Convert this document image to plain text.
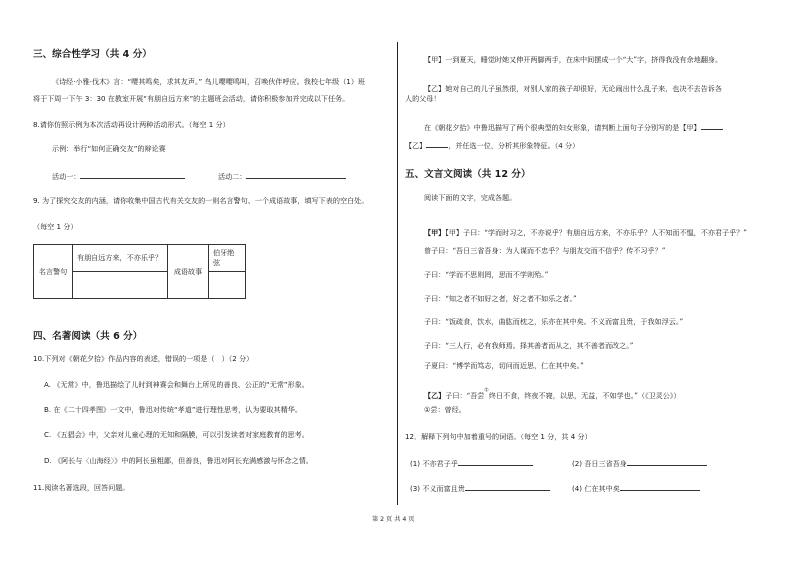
三、综合性学习（共 4 分）
《诗经·小雅·伐木》言：“嘤其鸣矣，求其友声。” 鸟儿嘤嘤鸣叫，召唤伙伴呼应。我校七年级（1）班
将于下周一下午 3：30 在教室开展“有朋自远方来”的主题班会活动，请你积极参加并完成以下任务。
8.请你仿照示例为本次活动再设计两种活动形式。（每空 1 分）
示例：举行“如何正确交友”的辩论赛
活动一：	活动二：
9. 为了探究交友的内涵，请你收集中国古代有关交友的一则名言警句、一个成语故事，填写下表的空白处。
（每空 1 分）
名言警句	有朋自远方来，不亦乐乎？	成语故事	伯牙绝弦

四、名著阅读（共 6 分）
10.下列对《朝花夕拾》作品内容的表述，错误的一项是（　）（2 分）
A. 《无常》中，鲁迅描绘了儿时到神赛会和舞台上所见的善良、公正的“无常”形象。
B. 在《二十四孝图》一文中，鲁迅对传统“孝道”进行理性思考，认为要取其精华。
C. 《五猖会》中，父亲对儿童心理的无知和隔膜，可以引发读者对家庭教育的思考。
D. 《阿长与〈山海经〉》中的阿长虽粗鄙，但善良，鲁迅对阿长充满感激与怀念之情。
11.阅读名著选段，回答问题。
【甲】一到夏天，睡觉时她又伸开两脚两手，在床中间摆成一个“大”字，挤得我没有余地翻身。
【乙】她对自己的儿子虽然很，对别人家的孩子却很好，无论闹出什么乱子来，也决不去告诉各
人的父母！
在《朝花夕拾》中鲁迅描写了两个很典型的妇女形象，请判断上面句子分别写的是【甲】
【乙】	，并任选一位，分析其形象特征。（4 分）
五、文言文阅读（共 12 分）
阅读下面的文字，完成各题。
【甲】【甲】子曰：“学而时习之，不亦说乎？有朋自远方来，不亦乐乎？人不知而不愠，不亦君子乎？”
曾子曰：“吾日三省吾身：为人谋而不忠乎？与朋友交而不信乎？传不习乎？”
子曰：“学而不思则罔，思而不学则殆。”
子曰：“知之者不如好之者，好之者不如乐之者。”
子曰：“饭疏食，饮水，曲肱而枕之，乐亦在其中矣。不义而富且贵，于我如浮云。”
子曰：“三人行，必有我师焉。择其善者而从之，其不善者而改之。”
子夏曰：“博学而笃志，切问而近思，仁在其中矣。”
【乙】子曰：“吾尝①终日不食，终夜不寝，以思，无益，不如学也。”（《卫灵公》）
①尝：曾经。
12．解释下列句中加着重号的词语。（每空 1 分，共 4 分）
(1) 不亦君子乎	(2) 吾日三省吾身
(3) 不义而富且贵	(4) 仁在其中矣
第 2 页 共 4 页
